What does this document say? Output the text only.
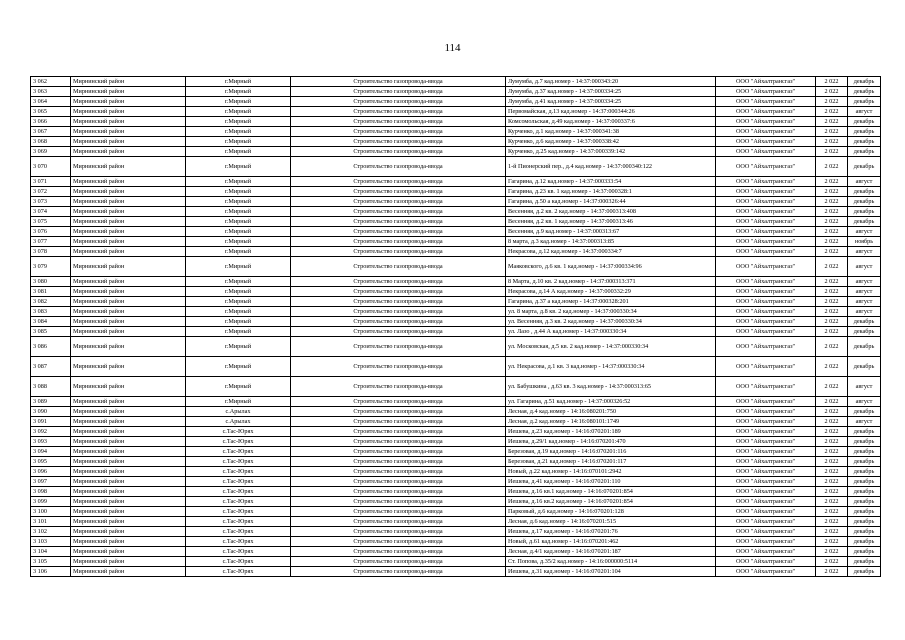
114
3 062	Мирнинский район	г.Мирный	Строительство газопровода-ввода	Лумумба, д.7 кад.номер - 14:37:000343:20	ООО "Айхалтрансгаз"	2 022	декабрь
3 063	Мирнинский район	г.Мирный	Строительство газопровода-ввода	Лумумба, д.37 кад.номер - 14:37:000334:25	ООО "Айхалтрансгаз"	2 022	декабрь
3 064	Мирнинский район	г.Мирный	Строительство газопровода-ввода	Лумумба, д.41 кад.номер - 14:37:000334:25	ООО "Айхалтрансгаз"	2 022	декабрь
3 065	Мирнинский район	г.Мирный	Строительство газопровода-ввода	Первомайская, д.13 кад.номер - 14:37:000344:26	ООО "Айхалтрансгаз"	2 022	август
3 066	Мирнинский район	г.Мирный	Строительство газопровода-ввода	Комсомольская, д.49 кад.номер - 14:37:000337:6	ООО "Айхалтрансгаз"	2 022	декабрь
3 067	Мирнинский район	г.Мирный	Строительство газопровода-ввода	Курченко, д.1 кад.номер - 14:37:000341:38	ООО "Айхалтрансгаз"	2 022	декабрь
3 068	Мирнинский район	г.Мирный	Строительство газопровода-ввода	Курченко, д.6 кад.номер - 14:37:000338:42	ООО "Айхалтрансгаз"	2 022	декабрь
3 069	Мирнинский район	г.Мирный	Строительство газопровода-ввода	Курченко, д.25 кад.номер - 14:37:000339:142	ООО "Айхалтрансгаз"	2 022	декабрь
3 070	Мирнинский район	г.Мирный	Строительство газопровода-ввода	1-й Пионерский пер., д.4 кад.номер - 14:37:000340:122	ООО "Айхалтрансгаз"	2 022	декабрь
3 071	Мирнинский район	г.Мирный	Строительство газопровода-ввода	Гагарина, д.12 кад.номер - 14:37:000333:54	ООО "Айхалтрансгаз"	2 022	август
3 072	Мирнинский район	г.Мирный	Строительство газопровода-ввода	Гагарина, д.23 кв. 1 кад.номер - 14:37:000328:1	ООО "Айхалтрансгаз"	2 022	декабрь
3 073	Мирнинский район	г.Мирный	Строительство газопровода-ввода	Гагарина, д.50 а кад.номер - 14:37:000326:44	ООО "Айхалтрансгаз"	2 022	декабрь
3 074	Мирнинский район	г.Мирный	Строительство газопровода-ввода	Весенняя, д.2 кв. 2 кад.номер - 14:37:000313:408	ООО "Айхалтрансгаз"	2 022	декабрь
3 075	Мирнинский район	г.Мирный	Строительство газопровода-ввода	Весенняя, д.2 кв. 1 кад.номер - 14:37:000313:46	ООО "Айхалтрансгаз"	2 022	декабрь
3 076	Мирнинский район	г.Мирный	Строительство газопровода-ввода	Весенняя, д.9 кад.номер - 14:37:000313:67	ООО "Айхалтрансгаз"	2 022	август
3 077	Мирнинский район	г.Мирный	Строительство газопровода-ввода	8 марта, д.3 кад.номер - 14:37:000313:85	ООО "Айхалтрансгаз"	2 022	ноябрь
3 078	Мирнинский район	г.Мирный	Строительство газопровода-ввода	Некрасова, д.12 кад.номер - 14:37:000334:7	ООО "Айхалтрансгаз"	2 022	август
3 079	Мирнинский район	г.Мирный	Строительство газопровода-ввода	Маяковского, д.6 кв. 1 кад.номер - 14:37:000334:96	ООО "Айхалтрансгаз"	2 022	август
3 080	Мирнинский район	г.Мирный	Строительство газопровода-ввода	8 Марта, д.10 кв. 2 кад.номер - 14:37:000313:371	ООО "Айхалтрансгаз"	2 022	август
3 081	Мирнинский район	г.Мирный	Строительство газопровода-ввода	Некрасова, д.14 А кад.номер - 14:37:000332:29	ООО "Айхалтрансгаз"	2 022	август
3 082	Мирнинский район	г.Мирный	Строительство газопровода-ввода	Гагарина, д.37 а кад.номер - 14:37:000328:201	ООО "Айхалтрансгаз"	2 022	август
3 083	Мирнинский район	г.Мирный	Строительство газопровода-ввода	ул. 8 марта, д.8 кв. 2 кад.номер - 14:37:000330:34	ООО "Айхалтрансгаз"	2 022	август
3 084	Мирнинский район	г.Мирный	Строительство газопровода-ввода	ул. Весенняя, д.3 кв. 2 кад.номер - 14:37:000330:34	ООО "Айхалтрансгаз"	2 022	декабрь
3 085	Мирнинский район	г.Мирный	Строительство газопровода-ввода	ул. Лазо , д.44 А кад.номер - 14:37:000330:34	ООО "Айхалтрансгаз"	2 022	декабрь
3 086	Мирнинский район	г.Мирный	Строительство газопровода-ввода	ул. Московская, д.5 кв. 2 кад.номер - 14:37:000330:34	ООО "Айхалтрансгаз"	2 022	декабрь
3 087	Мирнинский район	г.Мирный	Строительство газопровода-ввода	ул. Некрасова, д.1 кв. 3 кад.номер - 14:37:000330:34	ООО "Айхалтрансгаз"	2 022	декабрь
3 088	Мирнинский район	г.Мирный	Строительство газопровода-ввода	ул. Бабушкина , д.63 кв. 3 кад.номер - 14:37:000313:65	ООО "Айхалтрансгаз"	2 022	август
3 089	Мирнинский район	г.Мирный	Строительство газопровода-ввода	ул. Гагарина, д.51 кад.номер - 14:37:000326:52	ООО "Айхалтрансгаз"	2 022	август
3 090	Мирнинский район	с.Арылах	Строительство газопровода-ввода	Лесная, д.4 кад.номер - 14:16:080201:750	ООО "Айхалтрансгаз"	2 022	декабрь
3 091	Мирнинский район	с.Арылах	Строительство газопровода-ввода	Лесная, д.2 кад.номер - 14:16:080101:1749	ООО "Айхалтрансгаз"	2 022	август
3 092	Мирнинский район	с.Тас-Юрях	Строительство газопровода-ввода	Иешева, д.23 кад.номер - 14:16:070201:189	ООО "Айхалтрансгаз"	2 022	декабрь
3 093	Мирнинский район	с.Тас-Юрях	Строительство газопровода-ввода	Иешева, д.29/1 кад.номер - 14:16:070201:470	ООО "Айхалтрансгаз"	2 022	декабрь
3 094	Мирнинский район	с.Тас-Юрях	Строительство газопровода-ввода	Березовая, д.19 кад.номер - 14:16:070201:116	ООО "Айхалтрансгаз"	2 022	декабрь
3 095	Мирнинский район	с.Тас-Юрях	Строительство газопровода-ввода	Березовая, д.21 кад.номер - 14:16:070201:117	ООО "Айхалтрансгаз"	2 022	декабрь
3 096	Мирнинский район	с.Тас-Юрях	Строительство газопровода-ввода	Новый, д.22 кад.номер - 14:16:070101:2942	ООО "Айхалтрансгаз"	2 022	декабрь
3 097	Мирнинский район	с.Тас-Юрях	Строительство газопровода-ввода	Иешева, д.41 кад.номер - 14:16:070201:110	ООО "Айхалтрансгаз"	2 022	декабрь
3 098	Мирнинский район	с.Тас-Юрях	Строительство газопровода-ввода	Иешева, д.16 кв.1 кад.номер - 14:16:070201:854	ООО "Айхалтрансгаз"	2 022	декабрь
3 099	Мирнинский район	с.Тас-Юрях	Строительство газопровода-ввода	Иешева, д.16 кв.2 кад.номер - 14:16:070201:854	ООО "Айхалтрансгаз"	2 022	декабрь
3 100	Мирнинский район	с.Тас-Юрях	Строительство газопровода-ввода	Парковый, д.6 кад.номер - 14:16:070201:128	ООО "Айхалтрансгаз"	2 022	декабрь
3 101	Мирнинский район	с.Тас-Юрях	Строительство газопровода-ввода	Лесная, д.6 кад.номер - 14:16:070201:515	ООО "Айхалтрансгаз"	2 022	декабрь
3 102	Мирнинский район	с.Тас-Юрях	Строительство газопровода-ввода	Иешева, д.17 кад.номер - 14:16:070201:76	ООО "Айхалтрансгаз"	2 022	декабрь
3 103	Мирнинский район	с.Тас-Юрях	Строительство газопровода-ввода	Новый, д.61 кад.номер - 14:16:070201:462	ООО "Айхалтрансгаз"	2 022	декабрь
3 104	Мирнинский район	с.Тас-Юрях	Строительство газопровода-ввода	Лесная, д.4/1 кад.номер - 14:16:070201:187	ООО "Айхалтрансгаз"	2 022	декабрь
3 105	Мирнинский район	с.Тас-Юрях	Строительство газопровода-ввода	Ст. Попова, д.35/2 кад.номер - 14:16:000000:5114	ООО "Айхалтрансгаз"	2 022	декабрь
3 106	Мирнинский район	с.Тас-Юрях	Строительство газопровода-ввода	Иешева, д.31 кад.номер - 14:16:070201:104	ООО "Айхалтрансгаз"	2 022	декабрь
